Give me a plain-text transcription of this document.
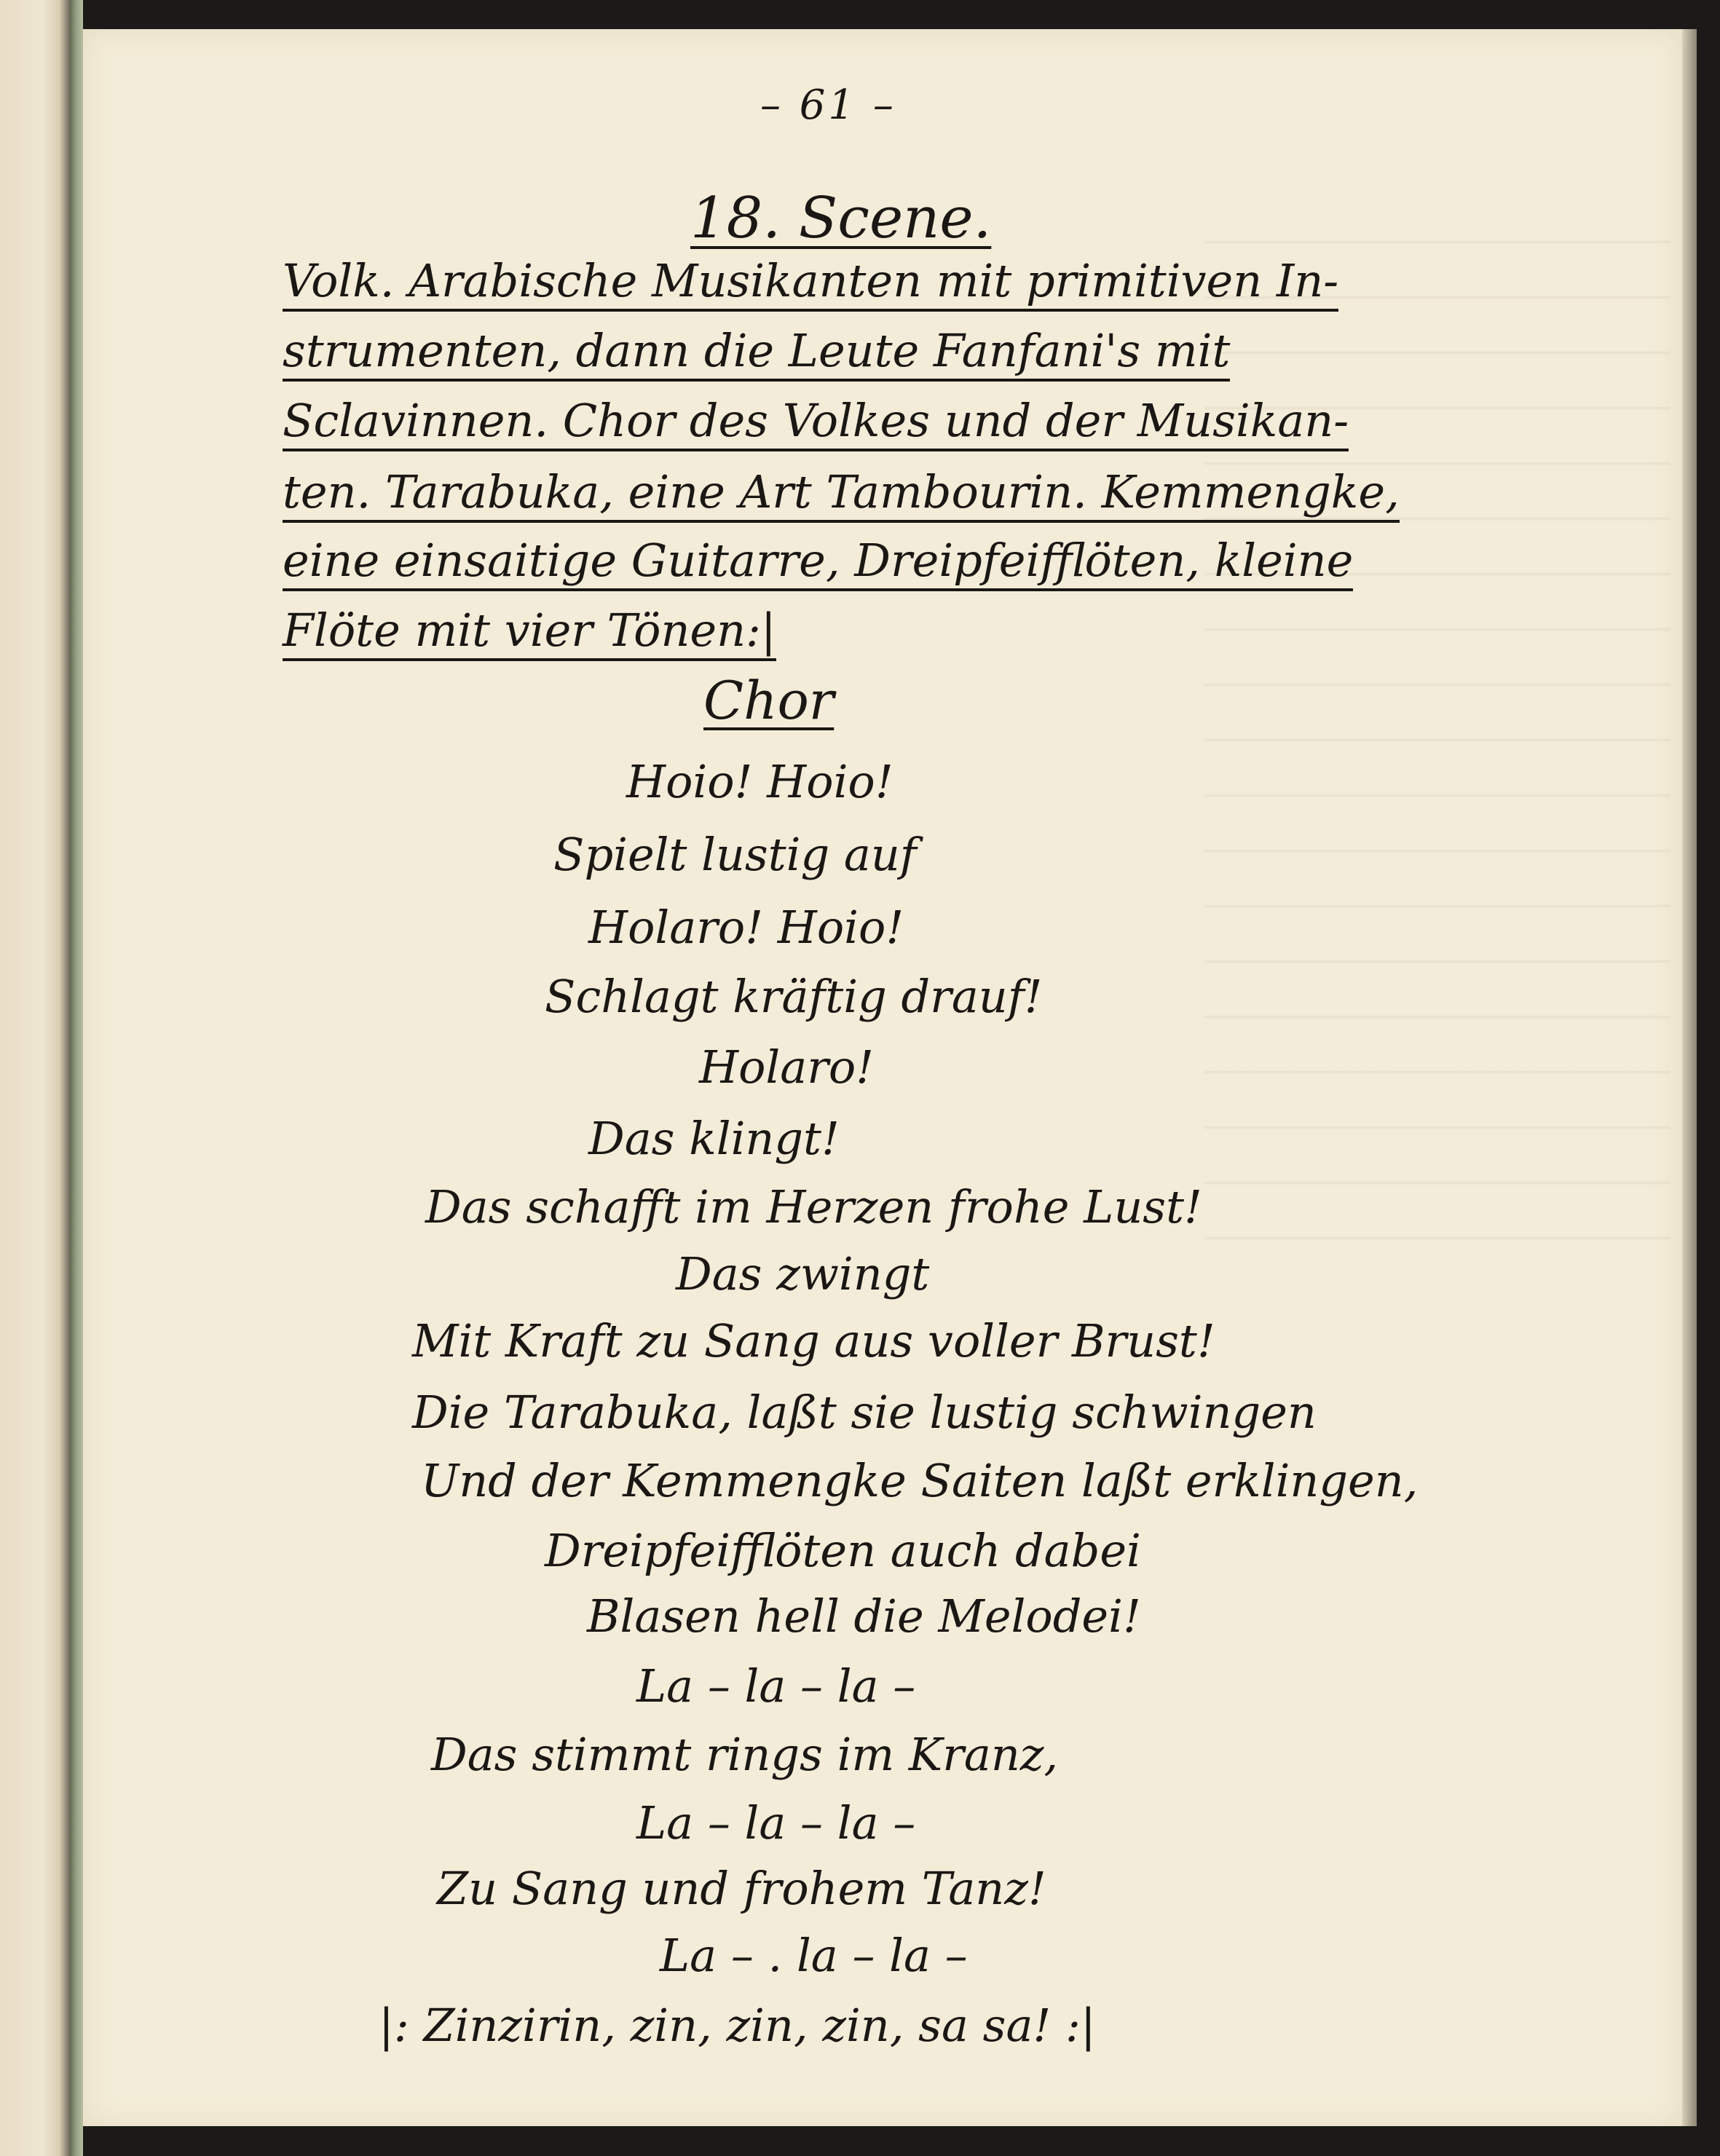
– 61 –

18. Scene.

Volk. Arabische Musikanten mit primitiven In-
strumenten, dann die Leute Fanfani's mit
Sclavinnen. Chor des Volkes und der Musikan-
ten. Tarabuka, eine Art Tambourin. Kemmengke,
eine einsaitige Guitarre, Dreipfeifflöten, kleine
Flöte mit vier Tönen:|

Chor

Hoio! Hoio!
Spielt lustig auf
Holaro! Hoio!
Schlagt kräftig drauf!
Holaro!
Das klingt!
Das schafft im Herzen frohe Lust!
Das zwingt
Mit Kraft zu Sang aus voller Brust!
Die Tarabuka, laßt sie lustig schwingen
Und der Kemmengke Saiten laßt erklingen,
Dreipfeifflöten auch dabei
Blasen hell die Melodei!
La – la – la –
Das stimmt rings im Kranz,
La – la – la –
Zu Sang und frohem Tanz!
La – . la – la –
|: Zinzirin, zin, zin, zin, sa sa! :|
